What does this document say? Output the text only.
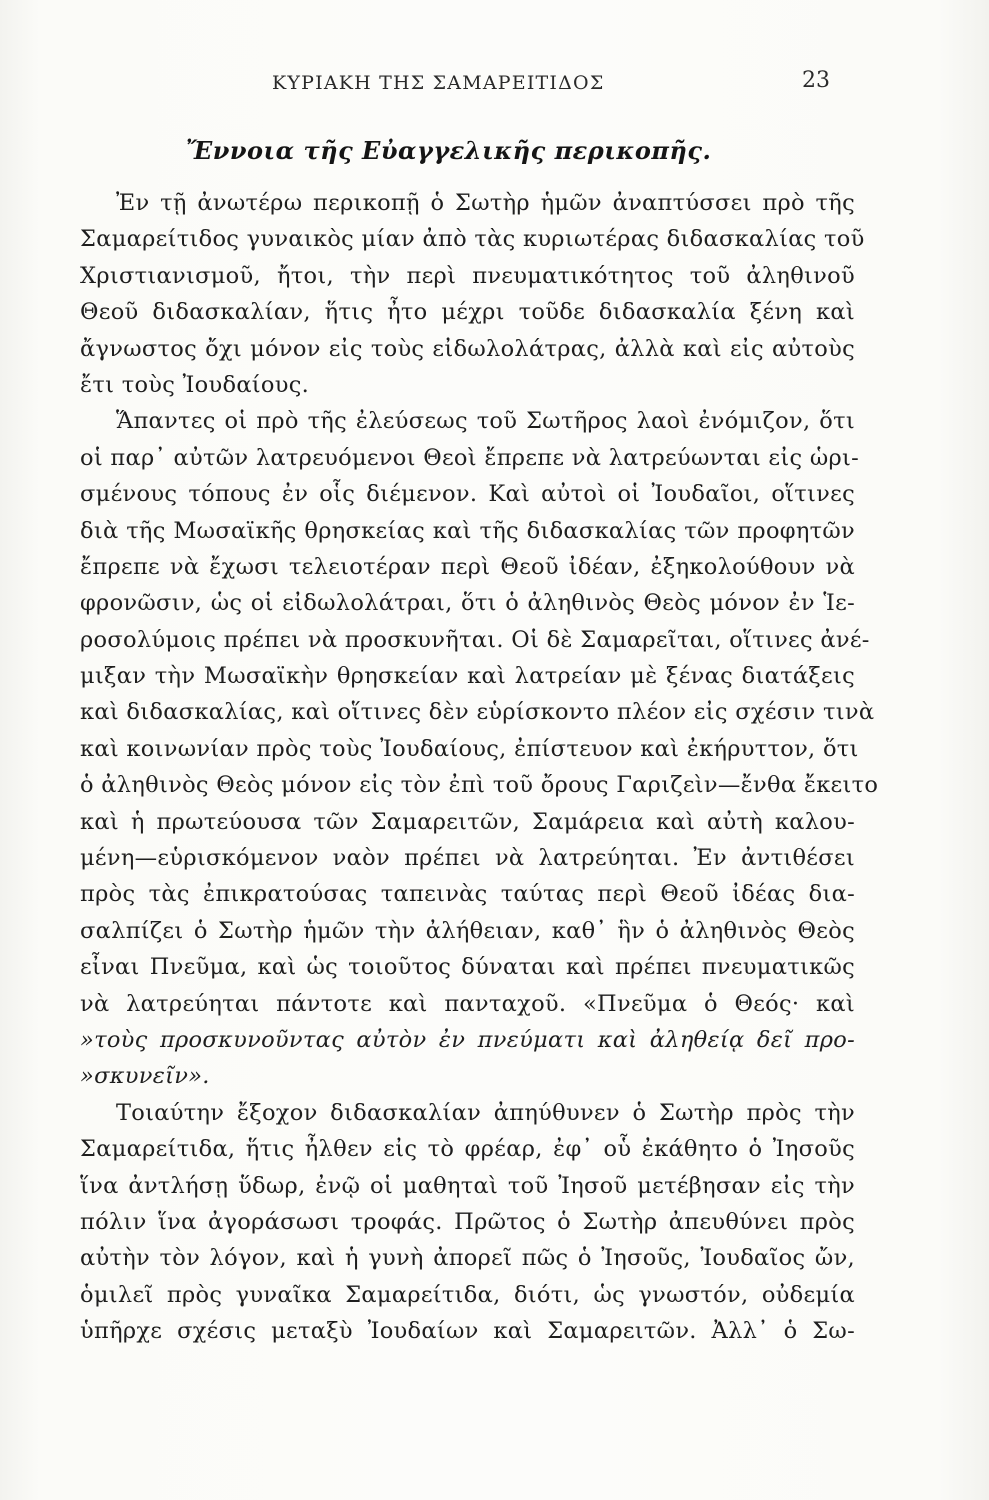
ΚΥΡΙΑΚΗ ΤΗΣ ΣΑΜΑΡΕΙΤΙΔΟΣ	23
Ἔννοια τῆς Εὐαγγελικῆς περικοπῆς.
Ἐν τῇ ἀνωτέρω περικοπῇ ὁ Σωτὴρ ἡμῶν ἀναπτύσσει πρὸ τῆς
Σαμαρείτιδος γυναικὸς μίαν ἀπὸ τὰς κυριωτέρας διδασκαλίας τοῦ
Χριστιανισμοῦ, ἤτοι, τὴν περὶ πνευματικότητος τοῦ ἀληθινοῦ
Θεοῦ διδασκαλίαν, ἥτις ἦτο μέχρι τοῦδε διδασκαλία ξένη καὶ
ἄγνωστος ὄχι μόνον εἰς τοὺς εἰδωλολάτρας, ἀλλὰ καὶ εἰς αὐτοὺς
ἔτι τοὺς Ἰουδαίους.
Ἅπαντες οἱ πρὸ τῆς ἐλεύσεως τοῦ Σωτῆρος λαοὶ ἐνόμιζον, ὅτι
οἱ παρ᾽ αὐτῶν λατρευόμενοι Θεοὶ ἔπρεπε νὰ λατρεύωνται εἰς ὡρι-
σμένους τόπους ἐν οἷς διέμενον. Καὶ αὐτοὶ οἱ Ἰουδαῖοι, οἵτινες
διὰ τῆς Μωσαϊκῆς θρησκείας καὶ τῆς διδασκαλίας τῶν προφητῶν
ἔπρεπε νὰ ἔχωσι τελειοτέραν περὶ Θεοῦ ἰδέαν, ἐξηκολούθουν νὰ
φρονῶσιν, ὡς οἱ εἰδωλολάτραι, ὅτι ὁ ἀληθινὸς Θεὸς μόνον ἐν Ἱε-
ροσολύμοις πρέπει νὰ προσκυνῆται. Οἱ δὲ Σαμαρεῖται, οἵτινες ἀνέ-
μιξαν τὴν Μωσαϊκὴν θρησκείαν καὶ λατρείαν μὲ ξένας διατάξεις
καὶ διδασκαλίας, καὶ οἵτινες δὲν εὑρίσκοντο πλέον εἰς σχέσιν τινὰ
καὶ κοινωνίαν πρὸς τοὺς Ἰουδαίους, ἐπίστευον καὶ ἐκήρυττον, ὅτι
ὁ ἀληθινὸς Θεὸς μόνον εἰς τὸν ἐπὶ τοῦ ὄρους Γαριζεὶν—ἔνθα ἔκειτο
καὶ ἡ πρωτεύουσα τῶν Σαμαρειτῶν, Σαμάρεια καὶ αὐτὴ καλου-
μένη—εὑρισκόμενον ναὸν πρέπει νὰ λατρεύηται. Ἐν ἀντιθέσει
πρὸς τὰς ἐπικρατούσας ταπεινὰς ταύτας περὶ Θεοῦ ἰδέας δια-
σαλπίζει ὁ Σωτὴρ ἡμῶν τὴν ἀλήθειαν, καθ᾽ ἣν ὁ ἀληθινὸς Θεὸς
εἶναι Πνεῦμα, καὶ ὡς τοιοῦτος δύναται καὶ πρέπει πνευματικῶς
νὰ λατρεύηται πάντοτε καὶ πανταχοῦ. «Πνεῦμα ὁ Θεός· καὶ
»τοὺς προσκυνοῦντας αὐτὸν ἐν πνεύματι καὶ ἀληθείᾳ δεῖ προ-
»σκυνεῖν».
Τοιαύτην ἔξοχον διδασκαλίαν ἀπηύθυνεν ὁ Σωτὴρ πρὸς τὴν
Σαμαρείτιδα, ἥτις ἦλθεν εἰς τὸ φρέαρ, ἐφ᾽ οὗ ἐκάθητο ὁ Ἰησοῦς
ἵνα ἀντλήσῃ ὕδωρ, ἐνῷ οἱ μαθηταὶ τοῦ Ἰησοῦ μετέβησαν εἰς τὴν
πόλιν ἵνα ἀγοράσωσι τροφάς. Πρῶτος ὁ Σωτὴρ ἀπευθύνει πρὸς
αὐτὴν τὸν λόγον, καὶ ἡ γυνὴ ἀπορεῖ πῶς ὁ Ἰησοῦς, Ἰουδαῖος ὤν,
ὁμιλεῖ πρὸς γυναῖκα Σαμαρείτιδα, διότι, ὡς γνωστόν, οὐδεμία
ὑπῆρχε σχέσις μεταξὺ Ἰουδαίων καὶ Σαμαρειτῶν. Ἀλλ᾽ ὁ Σω-
